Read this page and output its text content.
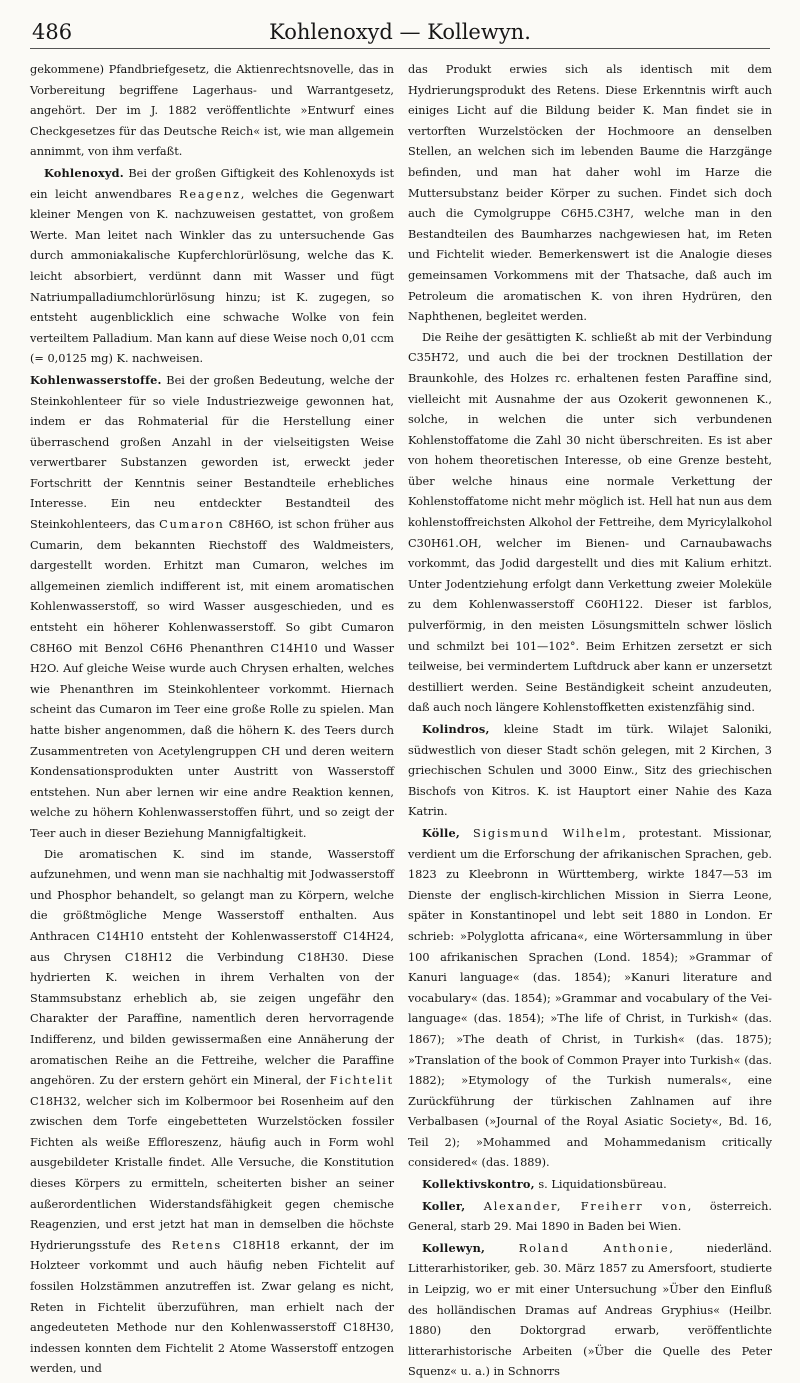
486	Kohlenoxyd — Kollewyn.

gekommene) Pfandbriefgesetz, die Aktienrechtsnovelle, das in Vorbereitung begriffene Lagerhaus- und Warrantgesetz, angehört. Der im J. 1882 veröffentlichte »Entwurf eines Checkgesetzes für das Deutsche Reich« ist, wie man allgemein annimmt, von ihm verfaßt.

Kohlenoxyd. Bei der großen Giftigkeit des Kohlenoxyds ist ein leicht anwendbares Reagenz, welches die Gegenwart kleiner Mengen von K. nachzuweisen gestattet, von großem Werte. Man leitet nach Winkler das zu untersuchende Gas durch ammoniakalische Kupferchlorürlösung, welche das K. leicht absorbiert, verdünnt dann mit Wasser und fügt Natriumpalladiumchlorürlösung hinzu; ist K. zugegen, so entsteht augenblicklich eine schwache Wolke von fein verteiltem Palladium. Man kann auf diese Weise noch 0,01 ccm (= 0,0125 mg) K. nachweisen.

Kohlenwasserstoffe. Bei der großen Bedeutung, welche der Steinkohlenteer für so viele Industriezweige gewonnen hat, indem er das Rohmaterial für die Herstellung einer überraschend großen Anzahl in der vielseitigsten Weise verwertbarer Substanzen geworden ist, erweckt jeder Fortschritt der Kenntnis seiner Bestandteile erhebliches Interesse. Ein neu entdeckter Bestandteil des Steinkohlenteers, das Cumaron C8H6O, ist schon früher aus Cumarin, dem bekannten Riechstoff des Waldmeisters, dargestellt worden. Erhitzt man Cumaron, welches im allgemeinen ziemlich indifferent ist, mit einem aromatischen Kohlenwasserstoff, so wird Wasser ausgeschieden, und es entsteht ein höherer Kohlenwasserstoff. So gibt Cumaron C8H6O mit Benzol C6H6 Phenanthren C14H10 und Wasser H2O. Auf gleiche Weise wurde auch Chrysen erhalten, welches wie Phenanthren im Steinkohlenteer vorkommt. Hiernach scheint das Cumaron im Teer eine große Rolle zu spielen. Man hatte bisher angenommen, daß die höhern K. des Teers durch Zusammentreten von Acetylengruppen CH und deren weitern Kondensationsprodukten unter Austritt von Wasserstoff entstehen. Nun aber lernen wir eine andre Reaktion kennen, welche zu höhern Kohlenwasserstoffen führt, und so zeigt der Teer auch in dieser Beziehung Mannigfaltigkeit.

Die aromatischen K. sind im stande, Wasserstoff aufzunehmen, und wenn man sie nachhaltig mit Jodwasserstoff und Phosphor behandelt, so gelangt man zu Körpern, welche die größtmögliche Menge Wasserstoff enthalten. Aus Anthracen C14H10 entsteht der Kohlenwasserstoff C14H24, aus Chrysen C18H12 die Verbindung C18H30. Diese hydrierten K. weichen in ihrem Verhalten von der Stammsubstanz erheblich ab, sie zeigen ungefähr den Charakter der Paraffine, namentlich deren hervorragende Indifferenz, und bilden gewissermaßen eine Annäherung der aromatischen Reihe an die Fettreihe, welcher die Paraffine angehören. Zu der erstern gehört ein Mineral, der Fichtelit C18H32, welcher sich im Kolbermoor bei Rosenheim auf den zwischen dem Torfe eingebetteten Wurzelstöcken fossiler Fichten als weiße Efflorеszenz, häufig auch in Form wohl ausgebildeter Kristalle findet. Alle Versuche, die Konstitution dieses Körpers zu ermitteln, scheiterten bisher an seiner außerordentlichen Widerstandsfähigkeit gegen chemische Reagenzien, und erst jetzt hat man in demselben die höchste Hydrierungsstufe des Retens C18H18 erkannt, der im Holzteer vorkommt und auch häufig neben Fichtelit auf fossilen Holzstämmen anzutreffen ist. Zwar gelang es nicht, Reten in Fichtelit überzuführen, man erhielt nach der angedeuteten Methode nur den Kohlenwasserstoff C18H30, indessen konnten dem Fichtelit 2 Atome Wasserstoff entzogen werden, und

das Produkt erwies sich als identisch mit dem Hydrierungsprodukt des Retens. Diese Erkenntnis wirft auch einiges Licht auf die Bildung beider K. Man findet sie in vertorften Wurzelstöcken der Hochmoore an denselben Stellen, an welchen sich im lebenden Baume die Harzgänge befinden, und man hat daher wohl im Harze die Muttersubstanz beider Körper zu suchen. Findet sich doch auch die Cymolgruppe C6H5.C3H7, welche man in den Bestandteilen des Baumharzes nachgewiesen hat, im Reten und Fichtelit wieder. Bemerkenswert ist die Analogie dieses gemeinsamen Vorkommens mit der Thatsache, daß auch im Petroleum die aromatischen K. von ihren Hydrüren, den Naphthenen, begleitet werden.

Die Reihe der gesättigten K. schließt ab mit der Verbindung C35H72, und auch die bei der trocknen Destillation der Braunkohle, des Holzes rc. erhaltenen festen Paraffine sind, vielleicht mit Ausnahme der aus Ozokerit gewonnenen K., solche, in welchen die unter sich verbundenen Kohlenstoffatome die Zahl 30 nicht überschreiten. Es ist aber von hohem theoretischen Interesse, ob eine Grenze besteht, über welche hinaus eine normale Verkettung der Kohlenstoffatome nicht mehr möglich ist. Hell hat nun aus dem kohlenstoffreichsten Alkohol der Fettreihe, dem Myricylalkohol C30H61.OH, welcher im Bienen- und Carnaubawachs vorkommt, das Jodid dargestellt und dies mit Kalium erhitzt. Unter Jodentziehung erfolgt dann Verkettung zweier Moleküle zu dem Kohlenwasserstoff C60H122. Dieser ist farblos, pulverförmig, in den meisten Lösungsmitteln schwer löslich und schmilzt bei 101—102°. Beim Erhitzen zersetzt er sich teilweise, bei vermindertem Luftdruck aber kann er unzersetzt destilliert werden. Seine Beständigkeit scheint anzudeuten, daß auch noch längere Kohlenstoffketten existenzfähig sind.

Kolindros, kleine Stadt im türk. Wilajet Saloniki, südwestlich von dieser Stadt schön gelegen, mit 2 Kirchen, 3 griechischen Schulen und 3000 Einw., Sitz des griechischen Bischofs von Kitros. K. ist Hauptort einer Nahie des Kaza Katrin.

Kölle, Sigismund Wilhelm, protestant. Missionar, verdient um die Erforschung der afrikanischen Sprachen, geb. 1823 zu Kleebronn in Württemberg, wirkte 1847—53 im Dienste der englisch-kirchlichen Mission in Sierra Leone, später in Konstantinopel und lebt seit 1880 in London. Er schrieb: »Polyglotta africana«, eine Wörtersammlung in über 100 afrikanischen Sprachen (Lond. 1854); »Grammar of Kanuri language« (das. 1854); »Kanuri literature and vocabulary« (das. 1854); »Grammar and vocabulary of the Vei-language« (das. 1854); »The life of Christ, in Turkish« (das. 1867); »The death of Christ, in Turkish« (das. 1875); »Translation of the book of Common Prayer into Turkish« (das. 1882); »Etymology of the Turkish numerals«, eine Zurückführung der türkischen Zahlnamen auf ihre Verbalbasen (»Journal of the Royal Asiatic Society«, Bd. 16, Teil 2); »Mohammed and Mohammedanism critically considered« (das. 1889).

Kollektivskontro, s. Liquidationsbüreau.

Koller, Alexander, Freiherr von, österreich. General, starb 29. Mai 1890 in Baden bei Wien.

Kollewyn, Roland Anthonie, niederländ. Litterarhistoriker, geb. 30. März 1857 zu Amersfoort, studierte in Leipzig, wo er mit einer Untersuchung »Über den Einfluß des holländischen Dramas auf Andreas Gryphius« (Heilbr. 1880) den Doktorgrad erwarb, veröffentlichte litterarhistorische Arbeiten (»Über die Quelle des Peter Squenz« u. a.) in Schnorrs
